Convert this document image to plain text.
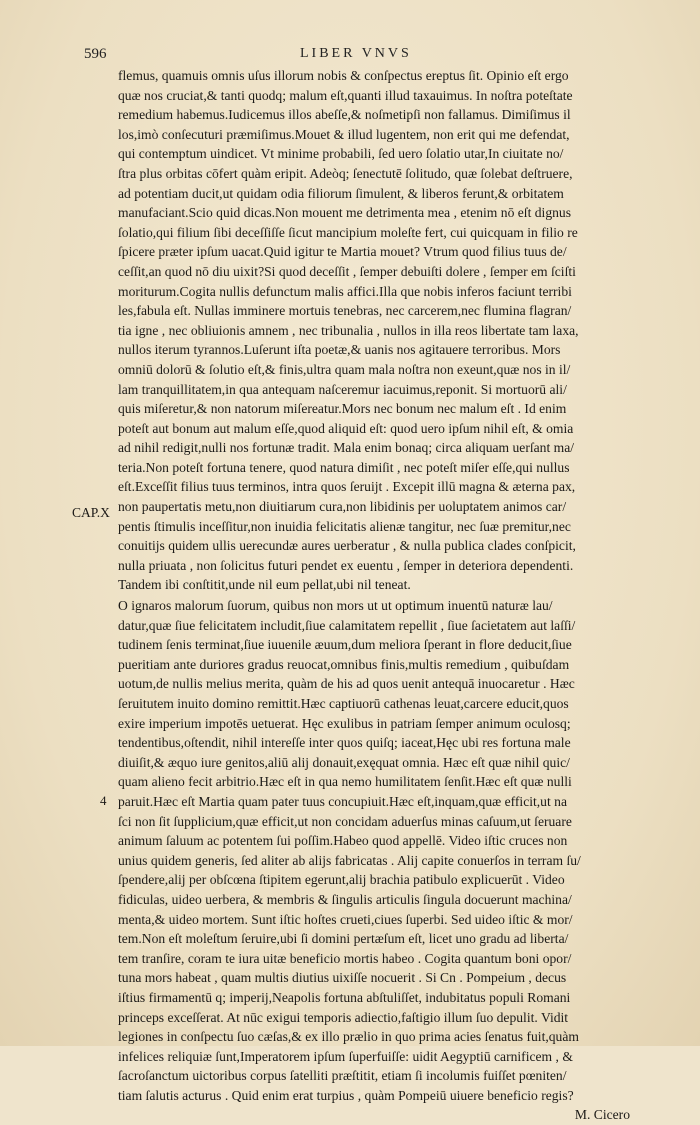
596	LIBER VNVS
CAP.X
4
flemus, quamuis omnis uſus illorum nobis & conſpectus ereptus ſit. Opinio eſt ergo
quæ nos cruciat,& tanti quodq; malum eſt,quanti illud taxauimus. In noſtra poteſtate
remedium habemus.Iudicemus illos abeſſe,& noſmetipſi non fallamus. Dimiſimus il
los,imò conſecuturi præmiſimus.Mouet & illud lugentem, non erit qui me defendat,
qui contemptum uindicet. Vt minime probabili, ſed uero ſolatio utar,In ciuitate no/
ſtra plus orbitas cōfert quàm eripit. Adeòq; ſenectutē ſolitudo, quæ ſolebat deſtruere,
ad potentiam ducit,ut quidam odia filiorum ſimulent, & liberos ferunt,& orbitatem
manufaciant.Scio quid dicas.Non mouent me detrimenta mea , etenim nō eſt dignus
ſolatio,qui filium ſibi deceſſiſſe ſicut mancipium moleſte fert, cui quicquam in filio re
ſpicere præter ipſum uacat.Quid igitur te Martia mouet? Vtrum quod filius tuus de/
ceſſit,an quod nō diu uixit?Si quod deceſſit , ſemper debuiſti dolere , ſemper em ſciſti
moriturum.Cogita nullis defunctum malis affici.Illa que nobis inferos faciunt terribi
les,fabula eſt. Nullas imminere mortuis tenebras, nec carcerem,nec flumina flagran/
tia igne , nec obliuionis amnem , nec tribunalia , nullos in illa reos libertate tam laxa,
nullos iterum tyrannos.Luſerunt iſta poetæ,& uanis nos agitauere terroribus. Mors
omniū dolorū & ſolutio eſt,& finis,ultra quam mala noſtra non exeunt,quæ nos in il/
lam tranquillitatem,in qua antequam naſceremur iacuimus,reponit. Si mortuorū ali/
quis miſeretur,& non natorum miſereatur.Mors nec bonum nec malum eſt . Id enim
poteſt aut bonum aut malum eſſe,quod aliquid eſt: quod uero ipſum nihil eſt, & omia
ad nihil redigit,nulli nos fortunæ tradit. Mala enim bonaq; circa aliquam uerſant ma/
teria.Non poteſt fortuna tenere, quod natura dimiſit , nec poteſt miſer eſſe,qui nullus
eſt.Exceſſit filius tuus terminos, intra quos ſeruijt . Excepit illū magna & æterna pax,
non paupertatis metu,non diuitiarum cura,non libidinis per uoluptatem animos car/
pentis ſtimulis inceſſitur,non inuidia felicitatis alienæ tangitur, nec ſuæ premitur,nec
conuitijs quidem ullis uerecundæ aures uerberatur , & nulla publica clades conſpicit,
nulla priuata , non ſolicitus futuri pendet ex euentu , ſemper in deteriora dependenti.
Tandem ibi conſtitit,unde nil eum pellat,ubi nil teneat.
O ignaros malorum ſuorum, quibus non mors ut ut optimum inuentū naturæ lau/
datur,quæ ſiue felicitatem includit,ſiue calamitatem repellit , ſiue ſacietatem aut laſſi/
tudinem ſenis terminat,ſiue iuuenile æuum,dum meliora ſperant in flore deducit,ſiue
pueritiam ante duriores gradus reuocat,omnibus finis,multis remedium , quibuſdam
uotum,de nullis melius merita, quàm de his ad quos uenit antequā inuocaretur . Hæc
ſeruitutem inuito domino remittit.Hæc captiuorū cathenas leuat,carcere educit,quos
exire imperium impotēs uetuerat. Hęc exulibus in patriam ſemper animum oculosq;
tendentibus,oſtendit, nihil intereſſe inter quos quiſq; iaceat,Hęc ubi res fortuna male
diuiſit,& æquo iure genitos,aliū alij donauit,exęquat omnia. Hæc eſt quæ nihil quic/
quam alieno fecit arbitrio.Hæc eſt in qua nemo humilitatem ſenſit.Hæc eſt quæ nulli
paruit.Hæc eſt Martia quam pater tuus concupiuit.Hæc eſt,inquam,quæ efficit,ut na
ſci non ſit ſupplicium,quæ efficit,ut non concidam aduerſus minas caſuum,ut ſeruare
animum ſaluum ac potentem ſui poſſim.Habeo quod appellē. Video iſtic cruces non
unius quidem generis, ſed aliter ab alijs fabricatas . Alij capite conuerſos in terram ſu/
ſpendere,alij per obſcœna ſtipitem egerunt,alij brachia patibulo explicuerūt . Video
fidiculas, uideo uerbera, & membris & ſingulis articulis ſingula docuerunt machina/
menta,& uideo mortem. Sunt iſtic hoſtes crueti,ciues ſuperbi. Sed uideo iſtic & mor/
tem.Non eſt moleſtum ſeruire,ubi ſi domini pertæſum eſt, licet uno gradu ad liberta/
tem tranſire, coram te iura uitæ beneficio mortis habeo . Cogita quantum boni opor/
tuna mors habeat , quam multis diutius uixiſſe nocuerit . Si Cn . Pompeium , decus
iſtius firmamentū q; imperij,Neapolis fortuna abſtuliſſet, indubitatus populi Romani
princeps exceſſerat. At nūc exigui temporis adiectio,faſtigio illum ſuo depulit. Vidit
legiones in conſpectu ſuo cæſas,& ex illo prælio in quo prima acies ſenatus fuit,quàm
infelices reliquiæ ſunt,Imperatorem ipſum ſuperfuiſſe: uidit Aegyptiū carnificem , &
ſacroſanctum uictoribus corpus ſatelliti præſtitit, etiam ſi incolumis fuiſſet pœniten/
tiam ſalutis acturus . Quid enim erat turpius , quàm Pompeiū uiuere beneficio regis?
M. Cicero
